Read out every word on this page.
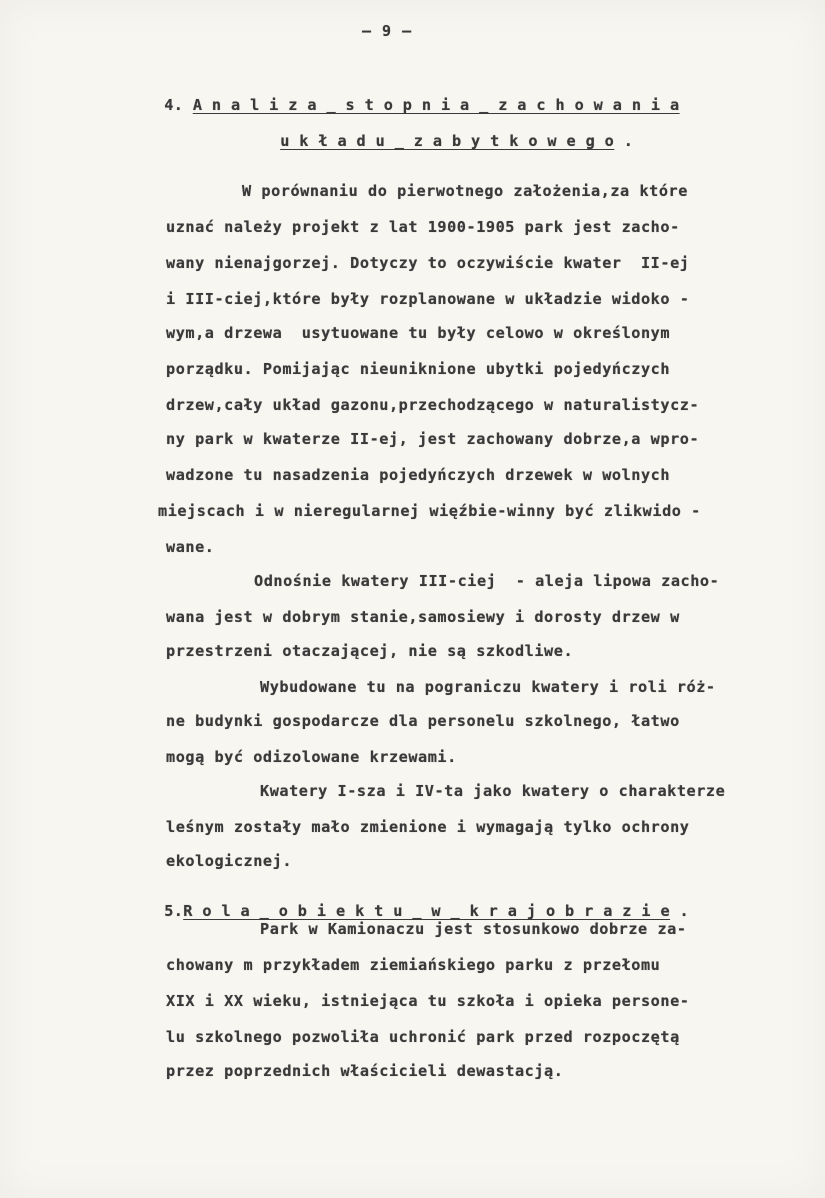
— 9 —

4. A n a l i z a _ s t o p n i a _ z a c h o w a n i a

u k ł a d u _ z a b y t k o w e g o .

W porównaniu do pierwotnego założenia,za które
uznać należy projekt z lat 1900-1905 park jest zacho-
wany nienajgorzej. Dotyczy to oczywiście kwater  II-ej
i III-ciej,które były rozplanowane w układzie widoko -
wym,a drzewa  usytuowane tu były celowo w określonym
porządku. Pomijając nieuniknione ubytki pojedyńczych
drzew,cały układ gazonu,przechodzącego w naturalistycz-
ny park w kwaterze II-ej, jest zachowany dobrze,a wpro-
wadzone tu nasadzenia pojedyńczych drzewek w wolnych
miejscach i w nieregularnej więźbie-winny być zlikwido -
wane.
Odnośnie kwatery III-ciej  - aleja lipowa zacho-
wana jest w dobrym stanie,samosiewy i dorosty drzew w
przestrzeni otaczającej, nie są szkodliwe.
Wybudowane tu na pograniczu kwatery i roli róż-
ne budynki gospodarcze dla personelu szkolnego, łatwo
mogą być odizolowane krzewami.
Kwatery I-sza i IV-ta jako kwatery o charakterze
leśnym zostały mało zmienione i wymagają tylko ochrony
ekologicznej.

5.R o l a _ o b i e k t u _ w _ k r a j o b r a z i e .

Park w Kamionaczu jest stosunkowo dobrze za-
chowany m przykładem ziemiańskiego parku z przełomu
XIX i XX wieku, istniejąca tu szkoła i opieka persone-
lu szkolnego pozwoliła uchronić park przed rozpoczętą
przez poprzednich właścicieli dewastacją.
